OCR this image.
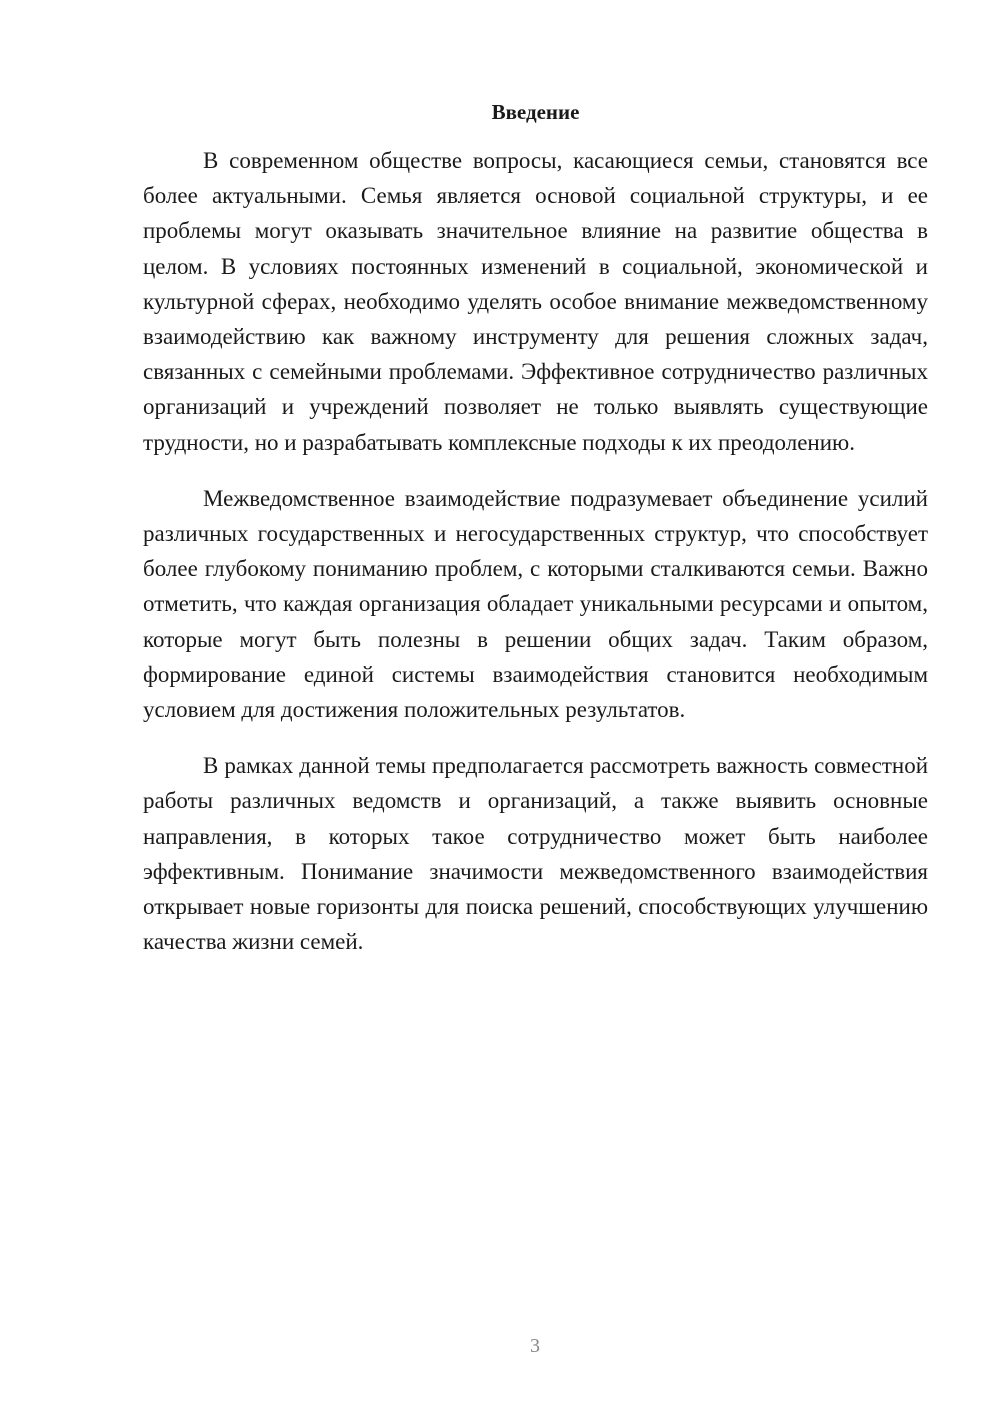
Введение

В современном обществе вопросы, касающиеся семьи, становятся все более актуальными. Семья является основой социальной структуры, и ее проблемы могут оказывать значительное влияние на развитие общества в целом. В условиях постоянных изменений в социальной, экономической и культурной сферах, необходимо уделять особое внимание межведомственному взаимодействию как важному инструменту для решения сложных задач, связанных с семейными проблемами. Эффективное сотрудничество различных организаций и учреждений позволяет не только выявлять существующие трудности, но и разрабатывать комплексные подходы к их преодолению.

Межведомственное взаимодействие подразумевает объединение усилий различных государственных и негосударственных структур, что способствует более глубокому пониманию проблем, с которыми сталкиваются семьи. Важно отметить, что каждая организация обладает уникальными ресурсами и опытом, которые могут быть полезны в решении общих задач. Таким образом, формирование единой системы взаимодействия становится необходимым условием для достижения положительных результатов.

В рамках данной темы предполагается рассмотреть важность совместной работы различных ведомств и организаций, а также выявить основные направления, в которых такое сотрудничество может быть наиболее эффективным. Понимание значимости межведомственного взаимодействия открывает новые горизонты для поиска решений, способствующих улучшению качества жизни семей.

3
